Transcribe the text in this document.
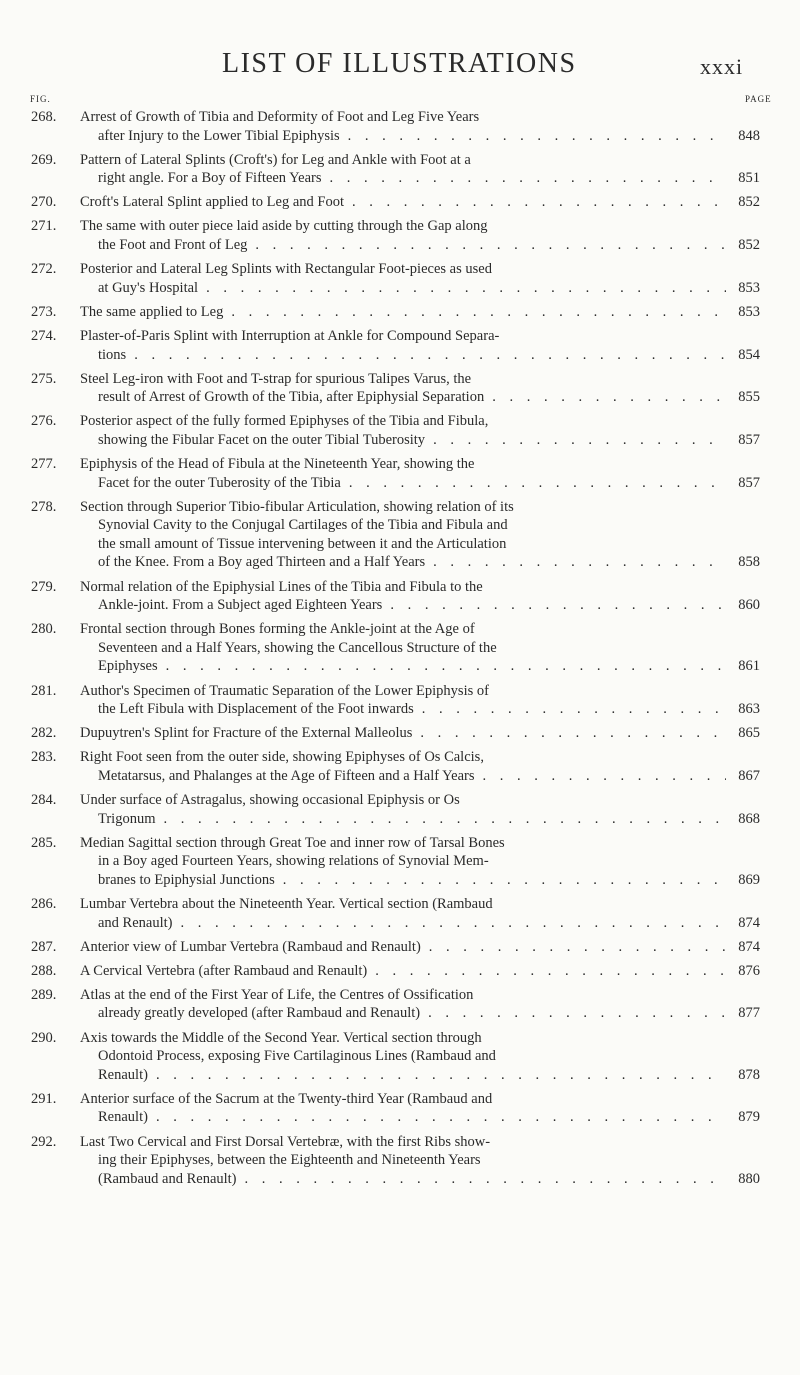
LIST OF ILLUSTRATIONS	xxxi
FIG.	PAGE
268. Arrest of Growth of Tibia and Deformity of Foot and Leg Five Years
after Injury to the Lower Tibial Epiphysis . . .	848
269. Pattern of Lateral Splints (Croft's) for Leg and Ankle with Foot at a
right angle. For a Boy of Fifteen Years . . .	851
270. Croft's Lateral Splint applied to Leg and Foot . . .	852
271. The same with outer piece laid aside by cutting through the Gap along
the Foot and Front of Leg . . .	852
272. Posterior and Lateral Leg Splints with Rectangular Foot-pieces as used
at Guy's Hospital . . .	853
273. The same applied to Leg . . .	853
274. Plaster-of-Paris Splint with Interruption at Ankle for Compound Separa-
tions . . .	854
275. Steel Leg-iron with Foot and T-strap for spurious Talipes Varus, the
result of Arrest of Growth of the Tibia, after Epiphysial Separation . . .	855
276. Posterior aspect of the fully formed Epiphyses of the Tibia and Fibula,
showing the Fibular Facet on the outer Tibial Tuberosity . . .	857
277. Epiphysis of the Head of Fibula at the Nineteenth Year, showing the
Facet for the outer Tuberosity of the Tibia . . .	857
278. Section through Superior Tibio-fibular Articulation, showing relation of its
Synovial Cavity to the Conjugal Cartilages of the Tibia and Fibula and
the small amount of Tissue intervening between it and the Articulation
of the Knee. From a Boy aged Thirteen and a Half Years . . .	858
279. Normal relation of the Epiphysial Lines of the Tibia and Fibula to the
Ankle-joint. From a Subject aged Eighteen Years . . .	860
280. Frontal section through Bones forming the Ankle-joint at the Age of
Seventeen and a Half Years, showing the Cancellous Structure of the
Epiphyses . . .	861
281. Author's Specimen of Traumatic Separation of the Lower Epiphysis of
the Left Fibula with Displacement of the Foot inwards . . .	863
282. Dupuytren's Splint for Fracture of the External Malleolus . . .	865
283. Right Foot seen from the outer side, showing Epiphyses of Os Calcis,
Metatarsus, and Phalanges at the Age of Fifteen and a Half Years . . .	867
284. Under surface of Astragalus, showing occasional Epiphysis or Os
Trigonum . . .	868
285. Median Sagittal section through Great Toe and inner row of Tarsal Bones
in a Boy aged Fourteen Years, showing relations of Synovial Mem-
branes to Epiphysial Junctions . . .	869
286. Lumbar Vertebra about the Nineteenth Year. Vertical section (Rambaud
and Renault) . . .	874
287. Anterior view of Lumbar Vertebra (Rambaud and Renault) . . .	874
288. A Cervical Vertebra (after Rambaud and Renault) . . .	876
289. Atlas at the end of the First Year of Life, the Centres of Ossification
already greatly developed (after Rambaud and Renault) . . .	877
290. Axis towards the Middle of the Second Year. Vertical section through
Odontoid Process, exposing Five Cartilaginous Lines (Rambaud and
Renault) . . .	878
291. Anterior surface of the Sacrum at the Twenty-third Year (Rambaud and
Renault) . . .	879
292. Last Two Cervical and First Dorsal Vertebræ, with the first Ribs show-
ing their Epiphyses, between the Eighteenth and Nineteenth Years
(Rambaud and Renault) . . .	880
